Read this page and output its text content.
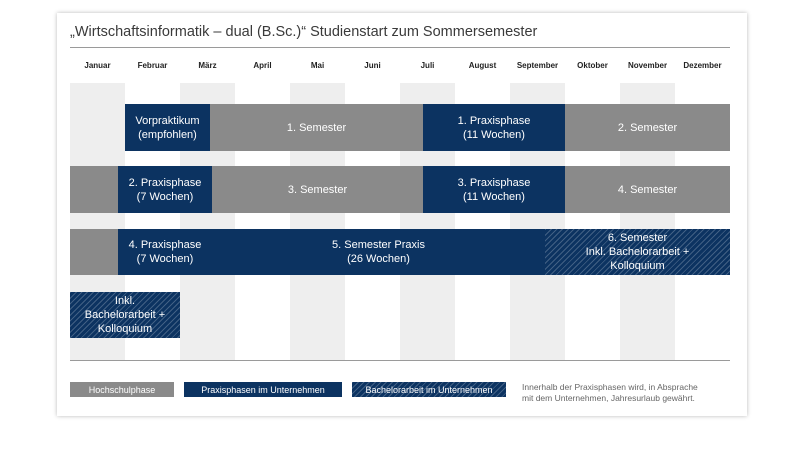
„Wirtschaftsinformatik – dual (B.Sc.)“ Studienstart zum Sommersemester
Januar	Februar	März	April	Mai	Juni	Juli	August	September	Oktober	November	Dezember
Vorpraktikum
(empfohlen)
1. Semester
1. Praxisphase
(11 Wochen)
2. Semester
2. Praxisphase
(7 Wochen)
3. Semester
3. Praxisphase
(11 Wochen)
4. Semester
4. Praxisphase
(7 Wochen)
5. Semester Praxis
(26 Wochen)
6. Semester
Inkl. Bachelorarbeit +
Kolloquium
Inkl.
Bachelorarbeit +
Kolloquium
Hochschulphase	Praxisphasen im Unternehmen	Bachelorarbeit im Unternehmen	Innerhalb der Praxisphasen wird, in Absprache
mit dem Unternehmen, Jahresurlaub gewährt.
